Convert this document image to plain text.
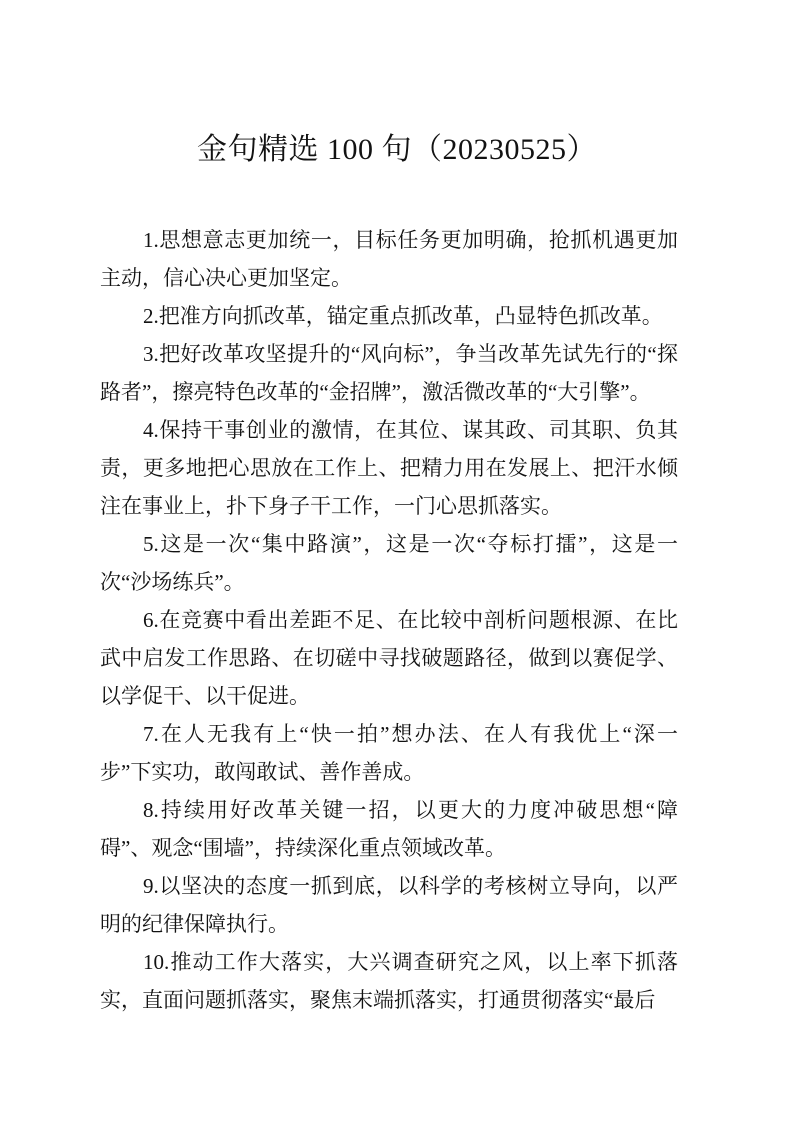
金句精选 100 句（20230525）

1.思想意志更加统一，目标任务更加明确，抢抓机遇更加主动，信心决心更加坚定。

2.把准方向抓改革，锚定重点抓改革，凸显特色抓改革。

3.把好改革攻坚提升的“风向标”，争当改革先试先行的“探路者”，擦亮特色改革的“金招牌”，激活微改革的“大引擎”。

4.保持干事创业的激情，在其位、谋其政、司其职、负其责，更多地把心思放在工作上、把精力用在发展上、把汗水倾注在事业上，扑下身子干工作，一门心思抓落实。

5.这是一次“集中路演”，这是一次“夺标打擂”，这是一次“沙场练兵”。

6.在竞赛中看出差距不足、在比较中剖析问题根源、在比武中启发工作思路、在切磋中寻找破题路径，做到以赛促学、以学促干、以干促进。

7.在人无我有上“快一拍”想办法、在人有我优上“深一步”下实功，敢闯敢试、善作善成。

8.持续用好改革关键一招，以更大的力度冲破思想“障碍”、观念“围墙”，持续深化重点领域改革。

9.以坚决的态度一抓到底，以科学的考核树立导向，以严明的纪律保障执行。

10.推动工作大落实，大兴调查研究之风，以上率下抓落实，直面问题抓落实，聚焦末端抓落实，打通贯彻落实“最后
